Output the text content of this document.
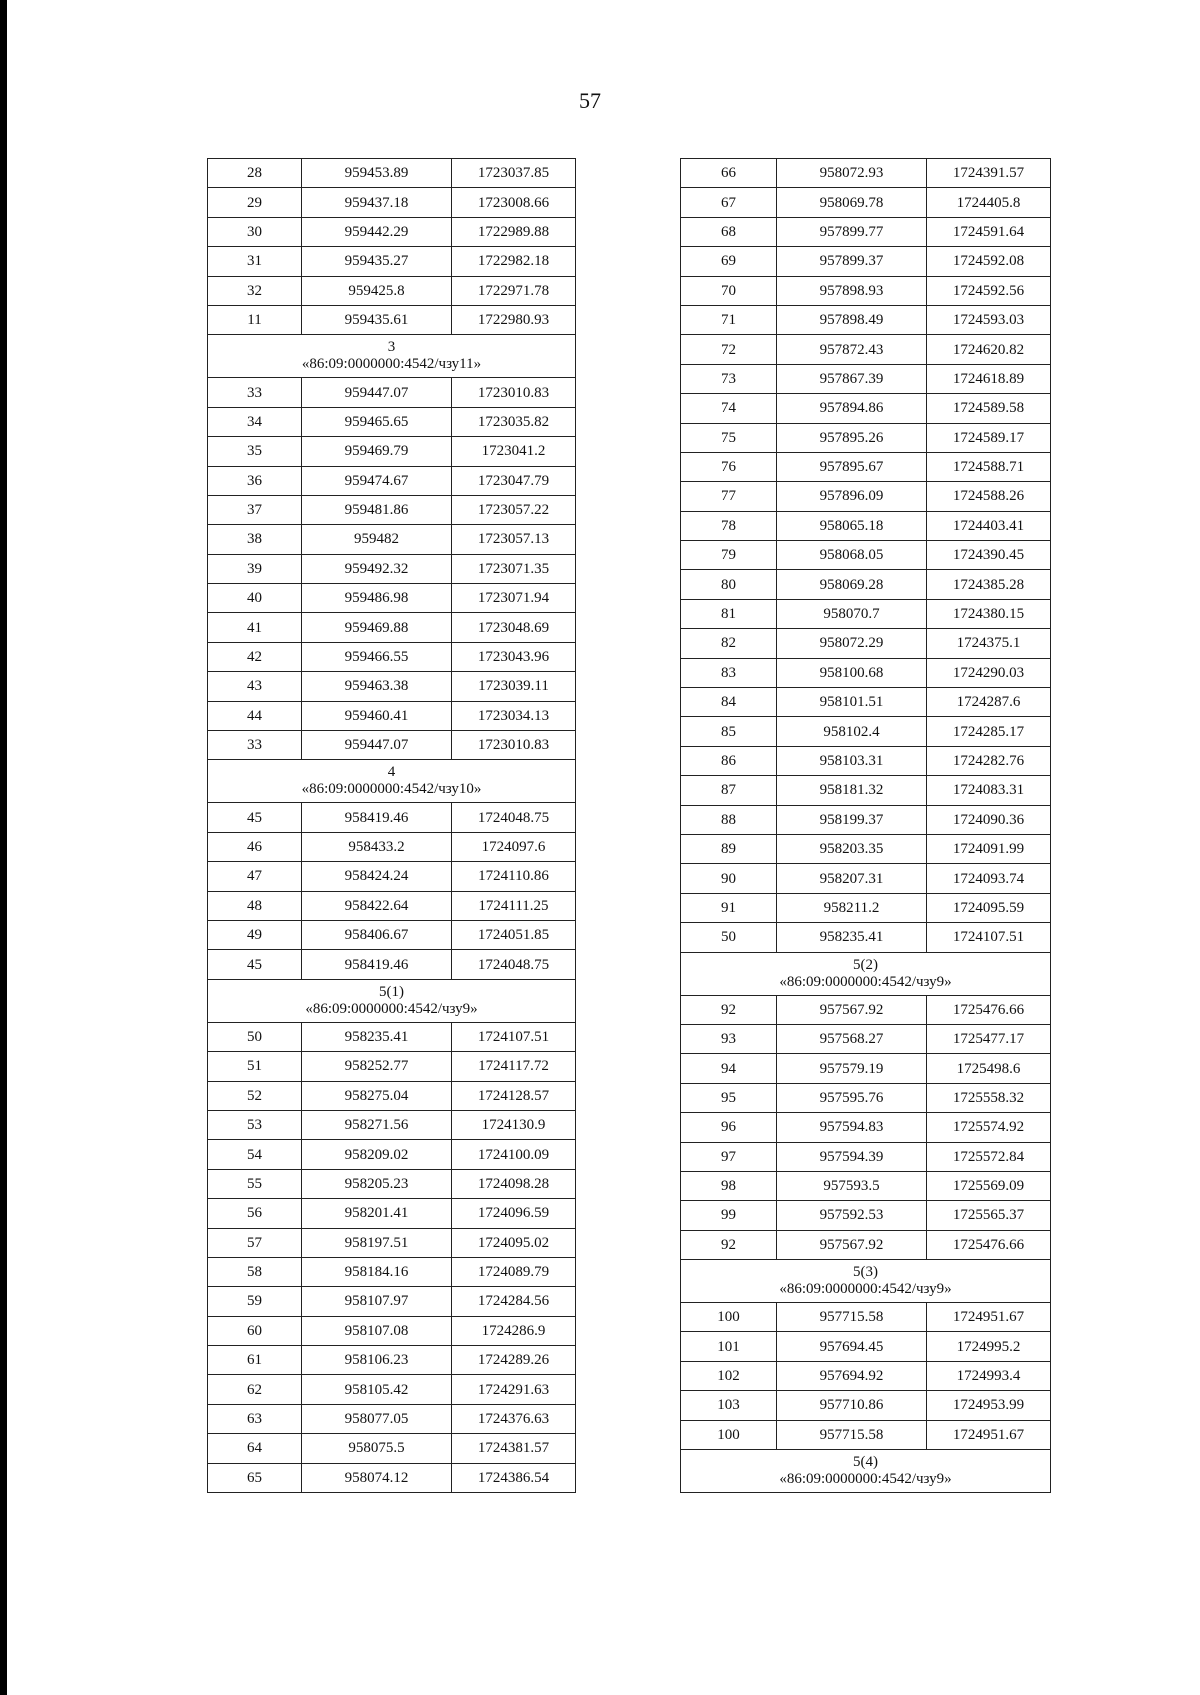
57
28	959453.89	1723037.85
29	959437.18	1723008.66
30	959442.29	1722989.88
31	959435.27	1722982.18
32	959425.8	1722971.78
11	959435.61	1722980.93

3
«86:09:0000000:4542/чзу11»		

33	959447.07	1723010.83
34	959465.65	1723035.82
35	959469.79	1723041.2
36	959474.67	1723047.79
37	959481.86	1723057.22
38	959482	1723057.13
39	959492.32	1723071.35
40	959486.98	1723071.94
41	959469.88	1723048.69
42	959466.55	1723043.96
43	959463.38	1723039.11
44	959460.41	1723034.13
33	959447.07	1723010.83

4
«86:09:0000000:4542/чзу10»		

45	958419.46	1724048.75
46	958433.2	1724097.6
47	958424.24	1724110.86
48	958422.64	1724111.25
49	958406.67	1724051.85
45	958419.46	1724048.75

5(1)
«86:09:0000000:4542/чзу9»		

50	958235.41	1724107.51
51	958252.77	1724117.72
52	958275.04	1724128.57
53	958271.56	1724130.9
54	958209.02	1724100.09
55	958205.23	1724098.28
56	958201.41	1724096.59
57	958197.51	1724095.02
58	958184.16	1724089.79
59	958107.97	1724284.56
60	958107.08	1724286.9
61	958106.23	1724289.26
62	958105.42	1724291.63
63	958077.05	1724376.63
64	958075.5	1724381.57
65	958074.12	1724386.54
66	958072.93	1724391.57
67	958069.78	1724405.8
68	957899.77	1724591.64
69	957899.37	1724592.08
70	957898.93	1724592.56
71	957898.49	1724593.03
72	957872.43	1724620.82
73	957867.39	1724618.89
74	957894.86	1724589.58
75	957895.26	1724589.17
76	957895.67	1724588.71
77	957896.09	1724588.26
78	958065.18	1724403.41
79	958068.05	1724390.45
80	958069.28	1724385.28
81	958070.7	1724380.15
82	958072.29	1724375.1
83	958100.68	1724290.03
84	958101.51	1724287.6
85	958102.4	1724285.17
86	958103.31	1724282.76
87	958181.32	1724083.31
88	958199.37	1724090.36
89	958203.35	1724091.99
90	958207.31	1724093.74
91	958211.2	1724095.59
50	958235.41	1724107.51

5(2)
«86:09:0000000:4542/чзу9»		

92	957567.92	1725476.66
93	957568.27	1725477.17
94	957579.19	1725498.6
95	957595.76	1725558.32
96	957594.83	1725574.92
97	957594.39	1725572.84
98	957593.5	1725569.09
99	957592.53	1725565.37
92	957567.92	1725476.66

5(3)
«86:09:0000000:4542/чзу9»		

100	957715.58	1724951.67
101	957694.45	1724995.2
102	957694.92	1724993.4
103	957710.86	1724953.99
100	957715.58	1724951.67

5(4)
«86:09:0000000:4542/чзу9»		
